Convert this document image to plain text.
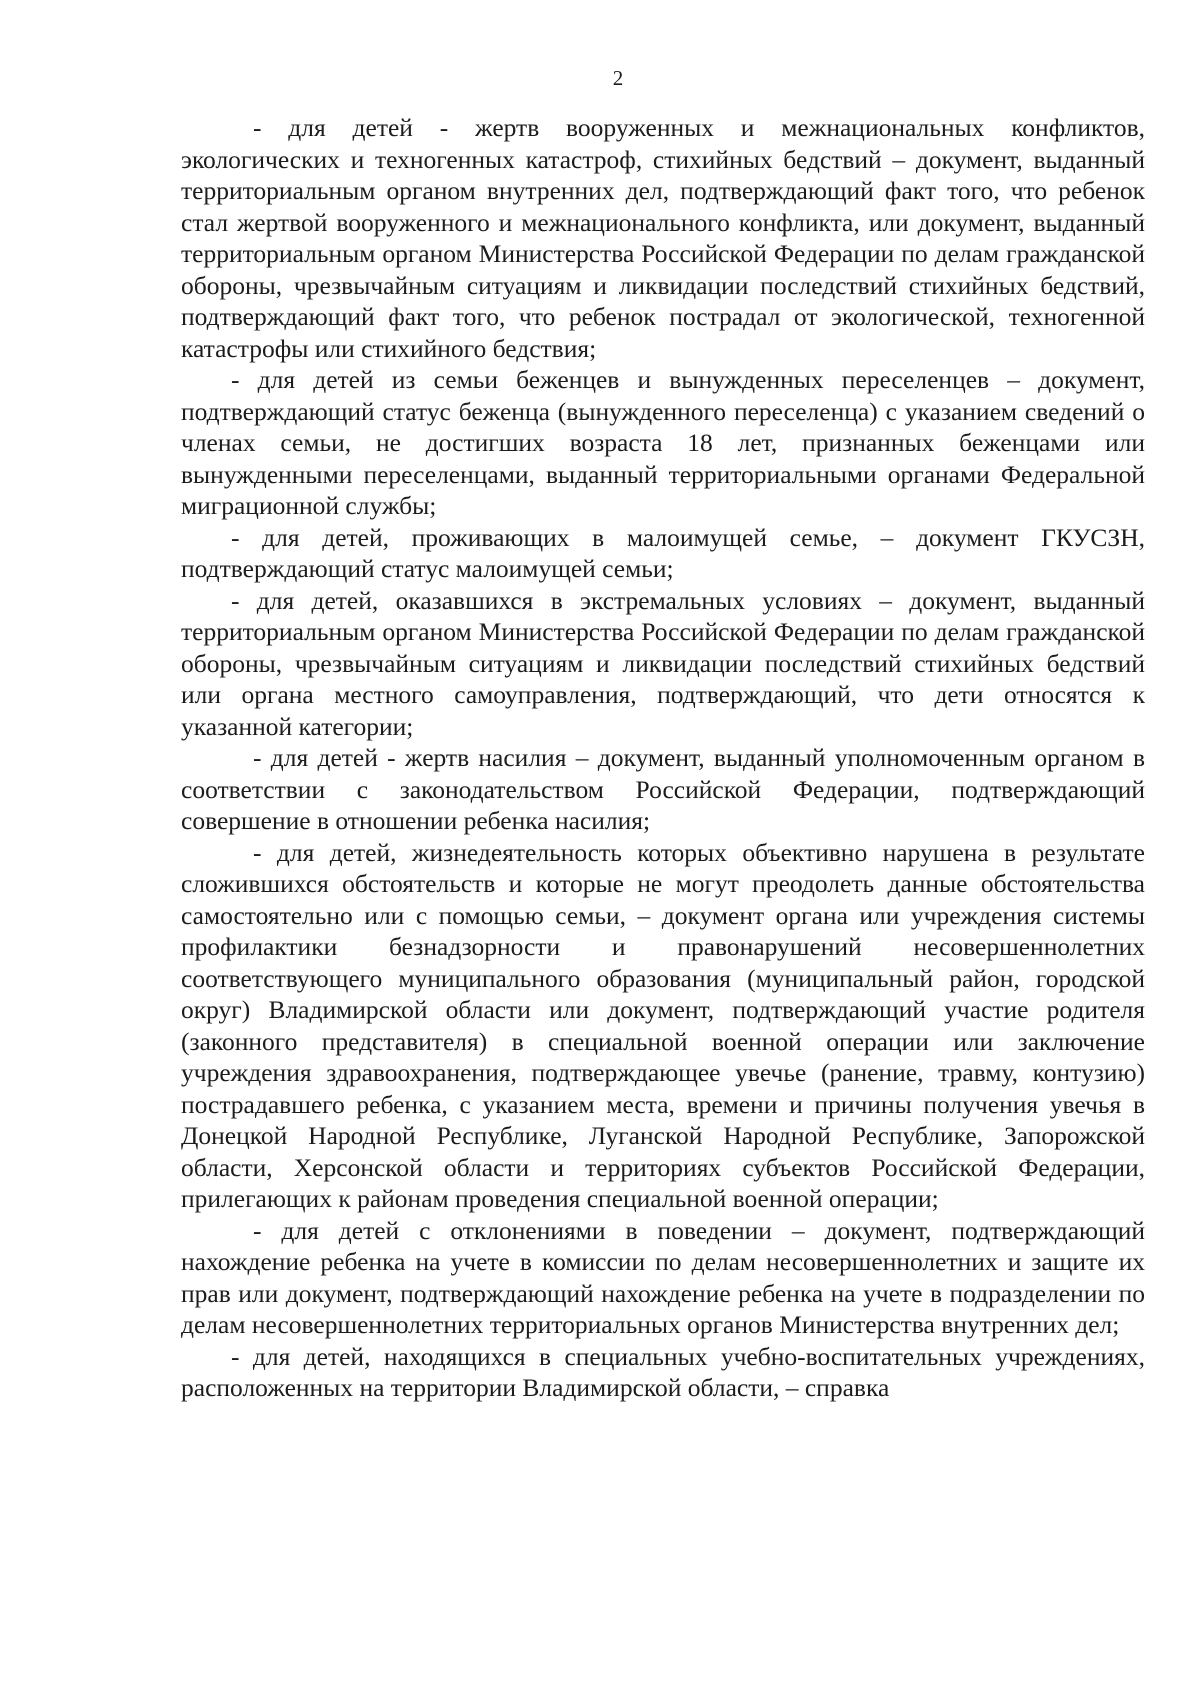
2

- для детей - жертв вооруженных и межнациональных конфликтов, экологических и техногенных катастроф, стихийных бедствий – документ, выданный территориальным органом внутренних дел, подтверждающий факт того, что ребенок стал жертвой вооруженного и межнационального конфликта, или документ, выданный территориальным органом Министерства Российской Федерации по делам гражданской обороны, чрезвычайным ситуациям и ликвидации последствий стихийных бедствий, подтверждающий факт того, что ребенок пострадал от экологической, техногенной катастрофы или стихийного бедствия;

- для детей из семьи беженцев и вынужденных переселенцев – документ, подтверждающий статус беженца (вынужденного переселенца) с указанием сведений о членах семьи, не достигших возраста 18 лет, признанных беженцами или вынужденными переселенцами, выданный территориальными органами Федеральной миграционной службы;

- для детей, проживающих в малоимущей семье, – документ ГКУСЗН, подтверждающий статус малоимущей семьи;

- для детей, оказавшихся в экстремальных условиях – документ, выданный территориальным органом Министерства Российской Федерации по делам гражданской обороны, чрезвычайным ситуациям и ликвидации последствий стихийных бедствий или органа местного самоуправления, подтверждающий, что дети относятся к указанной категории;

- для детей - жертв насилия – документ, выданный уполномоченным органом в соответствии с законодательством Российской Федерации, подтверждающий совершение в отношении ребенка насилия;

- для детей, жизнедеятельность которых объективно нарушена в результате сложившихся обстоятельств и которые не могут преодолеть данные обстоятельства самостоятельно или с помощью семьи, – документ органа или учреждения системы профилактики безнадзорности и правонарушений несовершеннолетних соответствующего муниципального образования (муниципальный район, городской округ) Владимирской области или документ, подтверждающий участие родителя (законного представителя) в специальной военной операции или заключение учреждения здравоохранения, подтверждающее увечье (ранение, травму, контузию) пострадавшего ребенка, с указанием места, времени и причины получения увечья в Донецкой Народной Республике, Луганской Народной Республике, Запорожской области, Херсонской области и территориях субъектов Российской Федерации, прилегающих к районам проведения специальной военной операции;

- для детей с отклонениями в поведении – документ, подтверждающий нахождение ребенка на учете в комиссии по делам несовершеннолетних и защите их прав или документ, подтверждающий нахождение ребенка на учете в подразделении по делам несовершеннолетних территориальных органов Министерства внутренних дел;

- для детей, находящихся в специальных учебно-воспитательных учреждениях, расположенных на территории Владимирской области, – справка
